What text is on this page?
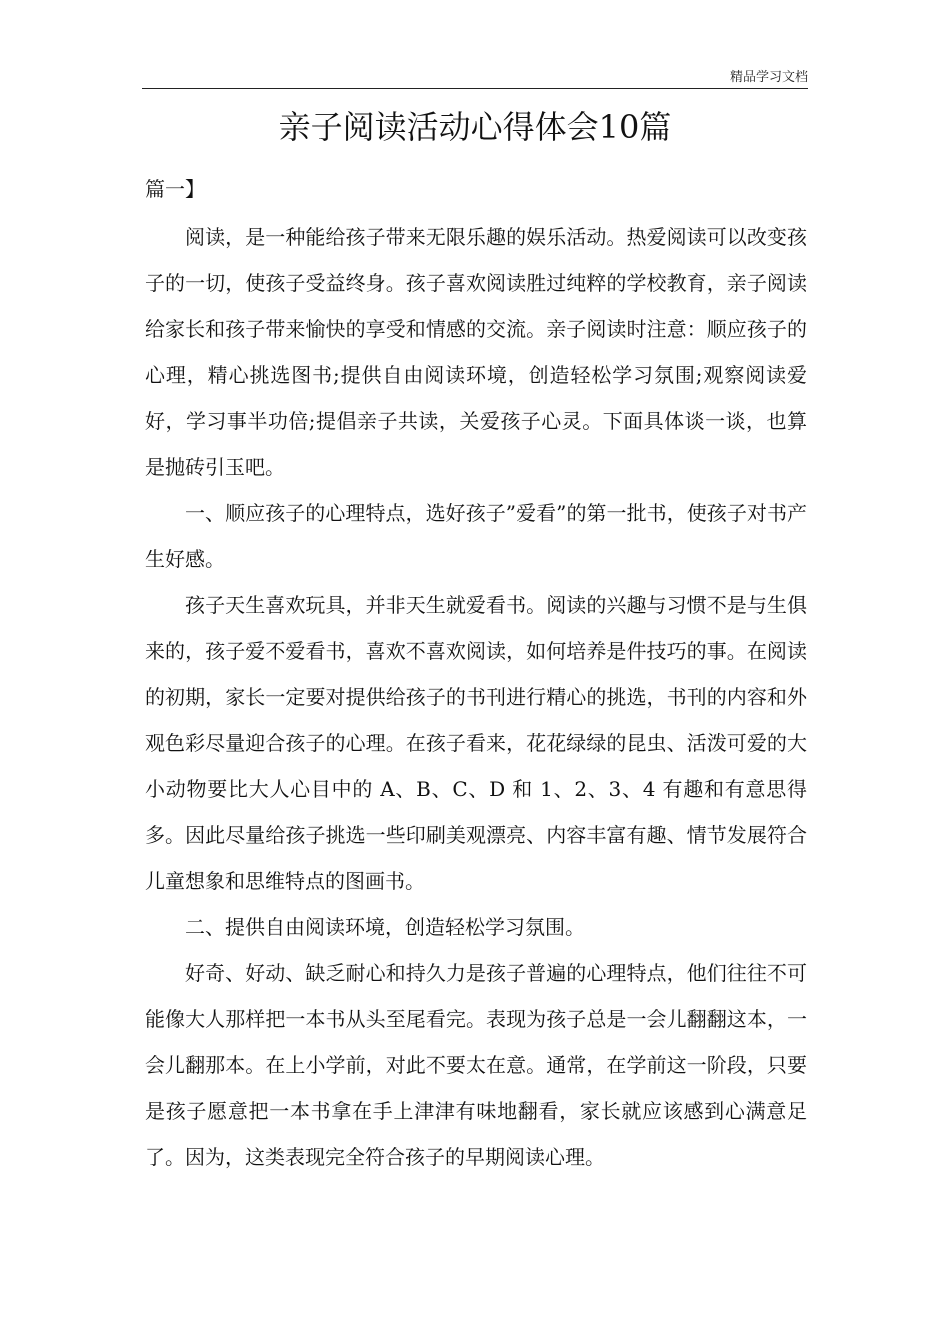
精品学习文档
亲子阅读活动心得体会10篇
篇一】

阅读，是一种能给孩子带来无限乐趣的娱乐活动。热爱阅读可以改变孩子的一切，使孩子受益终身。孩子喜欢阅读胜过纯粹的学校教育，亲子阅读给家长和孩子带来愉快的享受和情感的交流。亲子阅读时注意：顺应孩子的心理，精心挑选图书;提供自由阅读环境，创造轻松学习氛围;观察阅读爱好，学习事半功倍;提倡亲子共读，关爱孩子心灵。下面具体谈一谈，也算是抛砖引玉吧。

一、顺应孩子的心理特点，选好孩子”爱看”的第一批书，使孩子对书产生好感。

孩子天生喜欢玩具，并非天生就爱看书。阅读的兴趣与习惯不是与生俱来的，孩子爱不爱看书，喜欢不喜欢阅读，如何培养是件技巧的事。在阅读的初期，家长一定要对提供给孩子的书刊进行精心的挑选，书刊的内容和外观色彩尽量迎合孩子的心理。在孩子看来，花花绿绿的昆虫、活泼可爱的大小动物要比大人心目中的 A、B、C、D 和 1、2、3、4 有趣和有意思得多。因此尽量给孩子挑选一些印刷美观漂亮、内容丰富有趣、情节发展符合儿童想象和思维特点的图画书。

二、提供自由阅读环境，创造轻松学习氛围。

好奇、好动、缺乏耐心和持久力是孩子普遍的心理特点，他们往往不可能像大人那样把一本书从头至尾看完。表现为孩子总是一会儿翻翻这本，一会儿翻那本。在上小学前，对此不要太在意。通常，在学前这一阶段，只要是孩子愿意把一本书拿在手上津津有味地翻看，家长就应该感到心满意足了。因为，这类表现完全符合孩子的早期阅读心理。
